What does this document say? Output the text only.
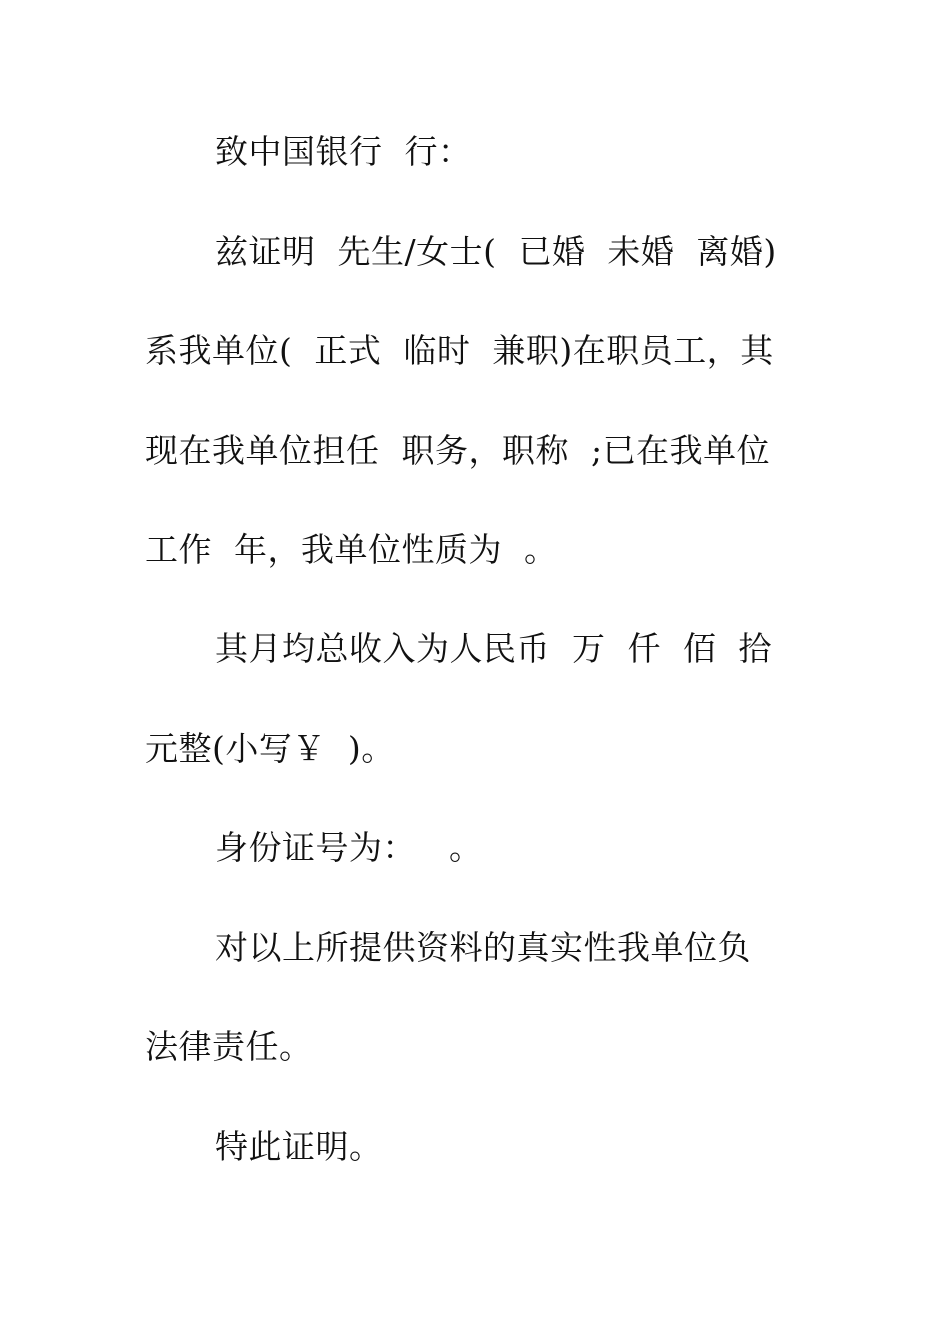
致中国银行  行：
兹证明  先生/女士(  已婚  未婚  离婚)
系我单位(  正式  临时  兼职)在职员工，其
现在我单位担任  职务，职称  ;已在我单位
工作  年，我单位性质为  。
其月均总收入为人民币  万  仟  佰  拾
元整(小写￥  )。
身份证号为：   。
对以上所提供资料的真实性我单位负
法律责任。
特此证明。
